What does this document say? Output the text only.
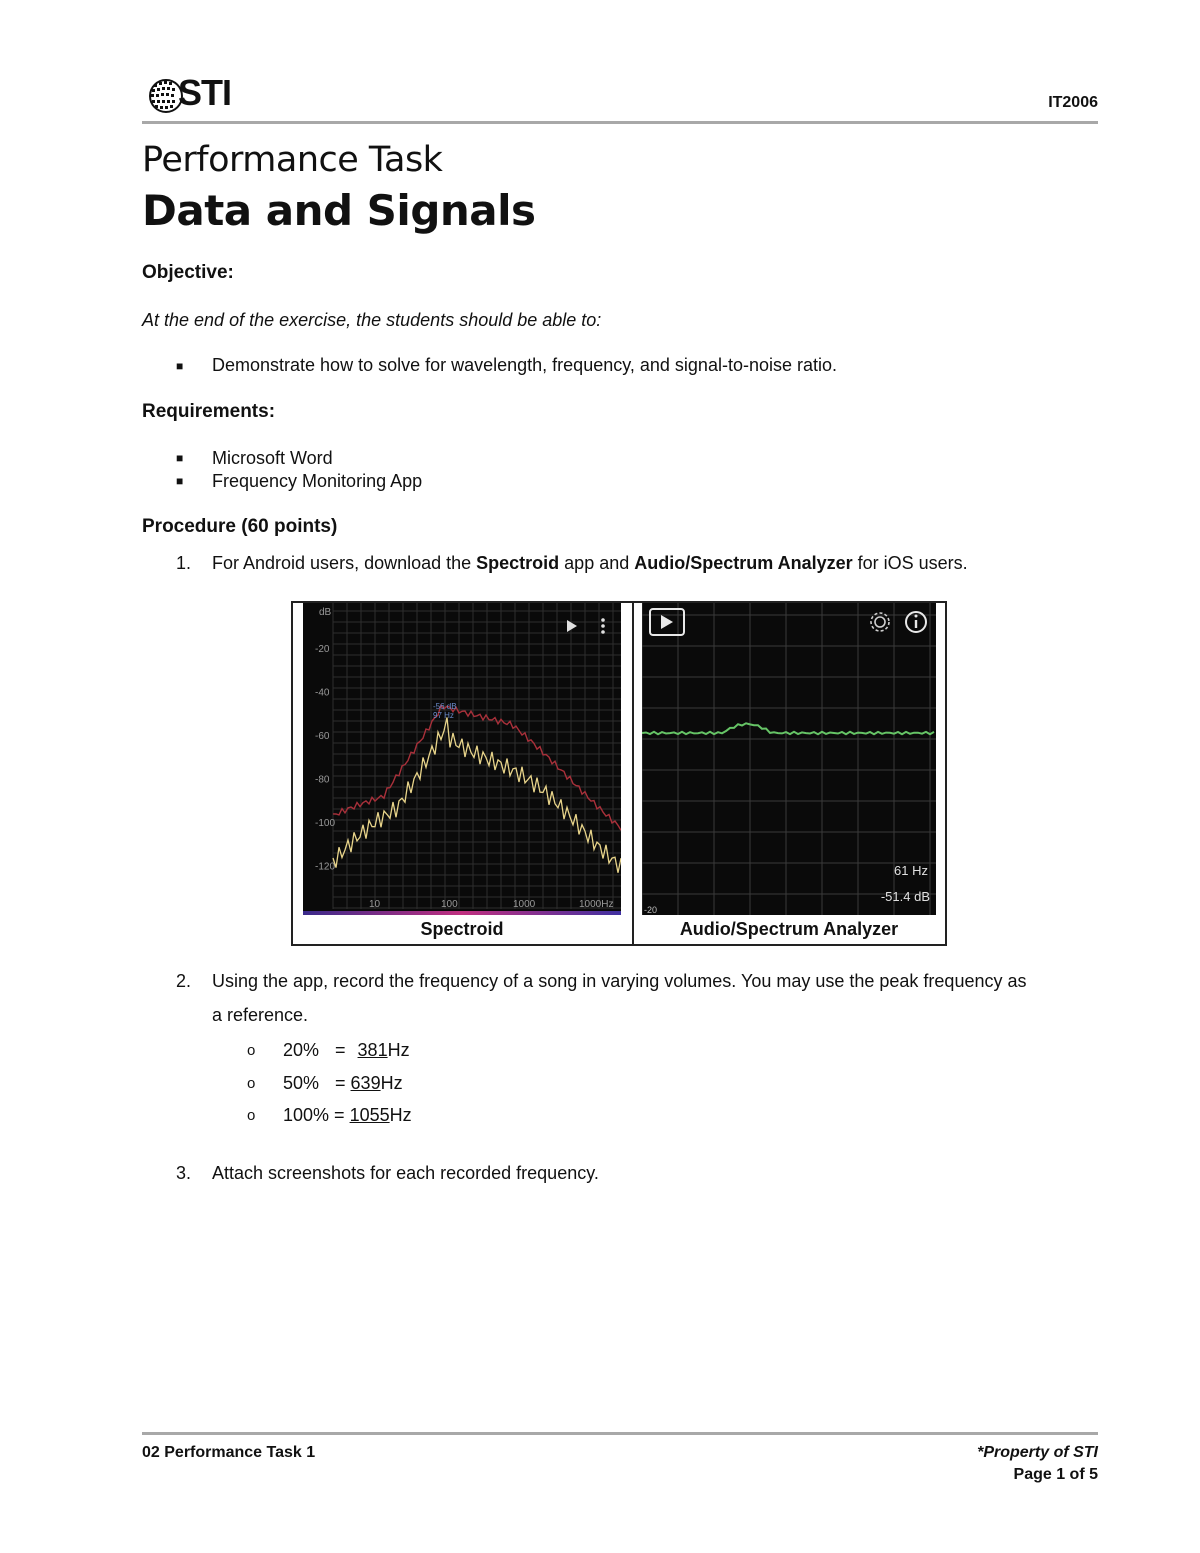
STI	IT2006
Performance Task
Data and Signals
Objective:
At the end of the exercise, the students should be able to:
■ Demonstrate how to solve for wavelength, frequency, and signal-to-noise ratio.
Requirements:
■ Microsoft Word
■ Frequency Monitoring App
Procedure (60 points)
1. For Android users, download the Spectroid app and Audio/Spectrum Analyzer for iOS users.
dB
-20
-40
-60
-80
-100
-120
10	100	1000	1000Hz
-56 dB
97 Hz
Spectroid
61 Hz
-51.4 dB
-20
Audio/Spectrum Analyzer
2. Using the app, record the frequency of a song in varying volumes. You may use the peak frequency as
a reference.
o 20% = 381Hz
o 50% = 639Hz
o 100% = 1055Hz
3. Attach screenshots for each recorded frequency.
02 Performance Task 1	*Property of STI
Page 1 of 5
